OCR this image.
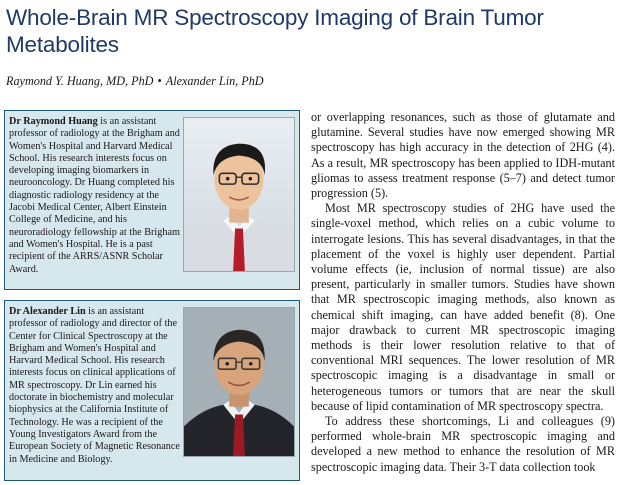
Whole-Brain MR Spectroscopy Imaging of Brain Tumor Metabolites
Raymond Y. Huang, MD, PhD • Alexander Lin, PhD
Dr Raymond Huang is an assistant professor of radiology at the Brigham and Women's Hospital and Harvard Medical School. His research interests focus on developing imaging biomarkers in neurooncology. Dr Huang completed his diagnostic radiology residency at the Jacobi Medical Center, Albert Einstein College of Medicine, and his neuroradiology fellowship at the Brigham and Women's Hospital. He is a past recipient of the ARRS/ASNR Scholar Award.
Dr Alexander Lin is an assistant professor of radiology and director of the Center for Clinical Spectroscopy at the Brigham and Women's Hospital and Harvard Medical School. His research interests focus on clinical applications of MR spectroscopy. Dr Lin earned his doctorate in biochemistry and molecular biophysics at the California Institute of Technology. He was a recipient of the Young Investigators Award from the European Society of Magnetic Resonance in Medicine and Biology.

or overlapping resonances, such as those of glutamate and glutamine. Several studies have now emerged showing MR spectroscopy has high accuracy in the detection of 2HG (4). As a result, MR spectroscopy has been applied to IDH-mutant gliomas to assess treatment response (5–7) and detect tumor progression (5).

Most MR spectroscopy studies of 2HG have used the single-voxel method, which relies on a cubic volume to interrogate lesions. This has several disadvantages, in that the placement of the voxel is highly user dependent. Partial volume effects (ie, inclusion of normal tissue) are also present, particularly in smaller tumors. Studies have shown that MR spectroscopic imaging methods, also known as chemical shift imaging, can have added benefit (8). One major drawback to current MR spectroscopic imaging methods is their lower resolution relative to that of conventional MRI sequences. The lower resolution of MR spectroscopic imaging is a disadvantage in small or heterogeneous tumors or tumors that are near the skull because of lipid contamination of MR spectroscopy spectra.

To address these shortcomings, Li and colleagues (9) performed whole-brain MR spectroscopic imaging and developed a new method to enhance the resolution of MR spectroscopic imaging data. Their 3-T data collection took
